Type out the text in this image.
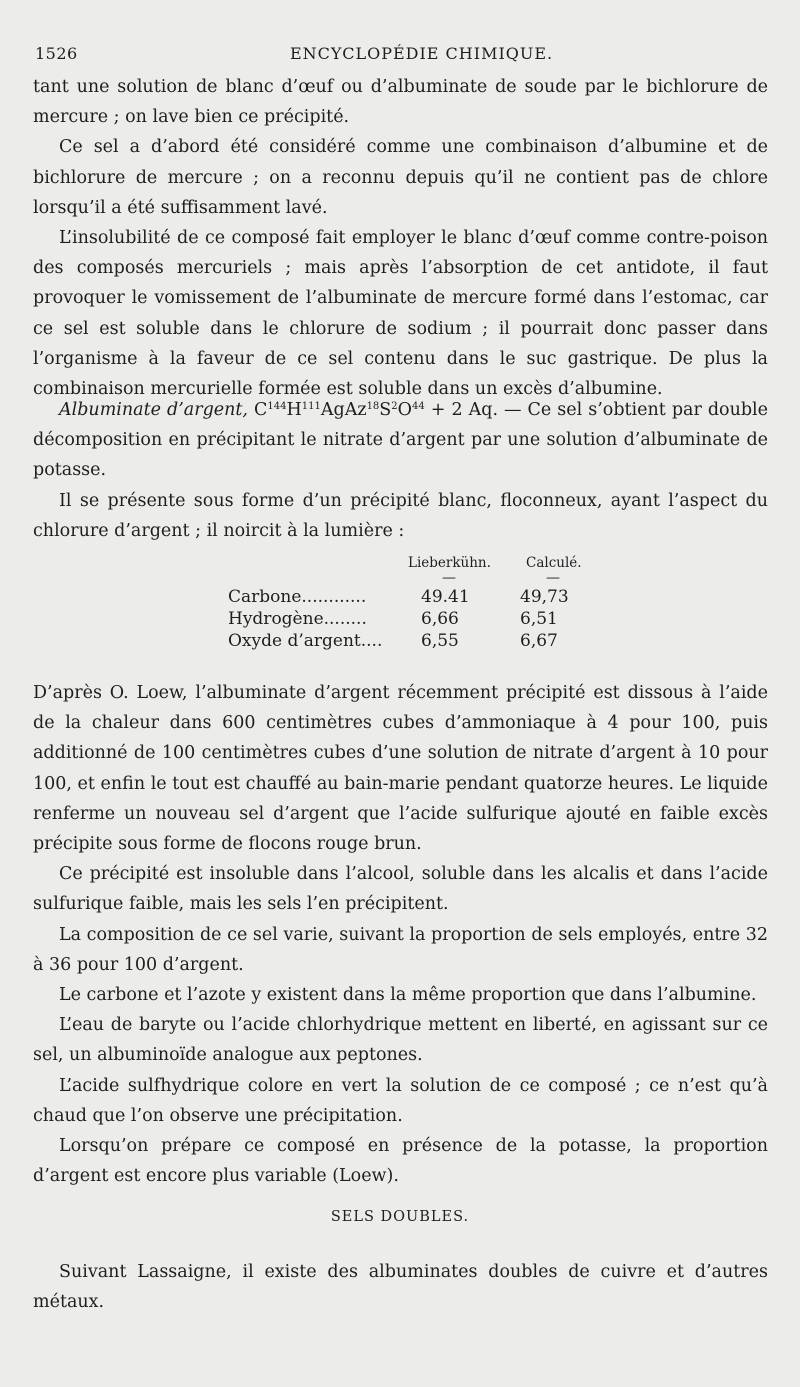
1526	ENCYCLOPÉDIE CHIMIQUE.

tant une solution de blanc d’œuf ou d’albuminate de soude par le bichlorure de mercure ; on lave bien ce précipité.

Ce sel a d’abord été considéré comme une combinaison d’albumine et de bichlorure de mercure ; on a reconnu depuis qu’il ne contient pas de chlore lorsqu’il a été suffisamment lavé.

L’insolubilité de ce composé fait employer le blanc d’œuf comme contre-poison des composés mercuriels ; mais après l’absorption de cet antidote, il faut provoquer le vomissement de l’albuminate de mercure formé dans l’estomac, car ce sel est soluble dans le chlorure de sodium ; il pourrait donc passer dans l’organisme à la faveur de ce sel contenu dans le suc gastrique. De plus la combinaison mercurielle formée est soluble dans un excès d’albumine.

Albuminate d’argent, $C^{144}H^{111}AgAz^{18}S^2O^{44} + 2$ Aq. — Ce sel s’obtient par double décomposition en précipitant le nitrate d’argent par une solution d’albuminate de potasse.

Il se présente sous forme d’un précipité blanc, floconneux, ayant l’aspect du chlorure d’argent ; il noircit à la lumière :

Lieberkühn.	Calculé.
—	—
Carbone............	49.41	49,73
Hydrogène........	6,66	6,51
Oxyde d’argent.... 6,55	6,67

D’après O. Loew, l’albuminate d’argent récemment précipité est dissous à l’aide de la chaleur dans 600 centimètres cubes d’ammoniaque à 4 pour 100, puis additionné de 100 centimètres cubes d’une solution de nitrate d’argent à 10 pour 100, et enfin le tout est chauffé au bain-marie pendant quatorze heures. Le liquide renferme un nouveau sel d’argent que l’acide sulfurique ajouté en faible excès précipite sous forme de flocons rouge brun.

Ce précipité est insoluble dans l’alcool, soluble dans les alcalis et dans l’acide sulfurique faible, mais les sels l’en précipitent.

La composition de ce sel varie, suivant la proportion de sels employés, entre 32 à 36 pour 100 d’argent.

Le carbone et l’azote y existent dans la même proportion que dans l’albumine.

L’eau de baryte ou l’acide chlorhydrique mettent en liberté, en agissant sur ce sel, un albuminoïde analogue aux peptones.

L’acide sulfhydrique colore en vert la solution de ce composé ; ce n’est qu’à chaud que l’on observe une précipitation.

Lorsqu’on prépare ce composé en présence de la potasse, la proportion d’argent est encore plus variable (Loew).

SELS DOUBLES.

Suivant Lassaigne, il existe des albuminates doubles de cuivre et d’autres métaux.
